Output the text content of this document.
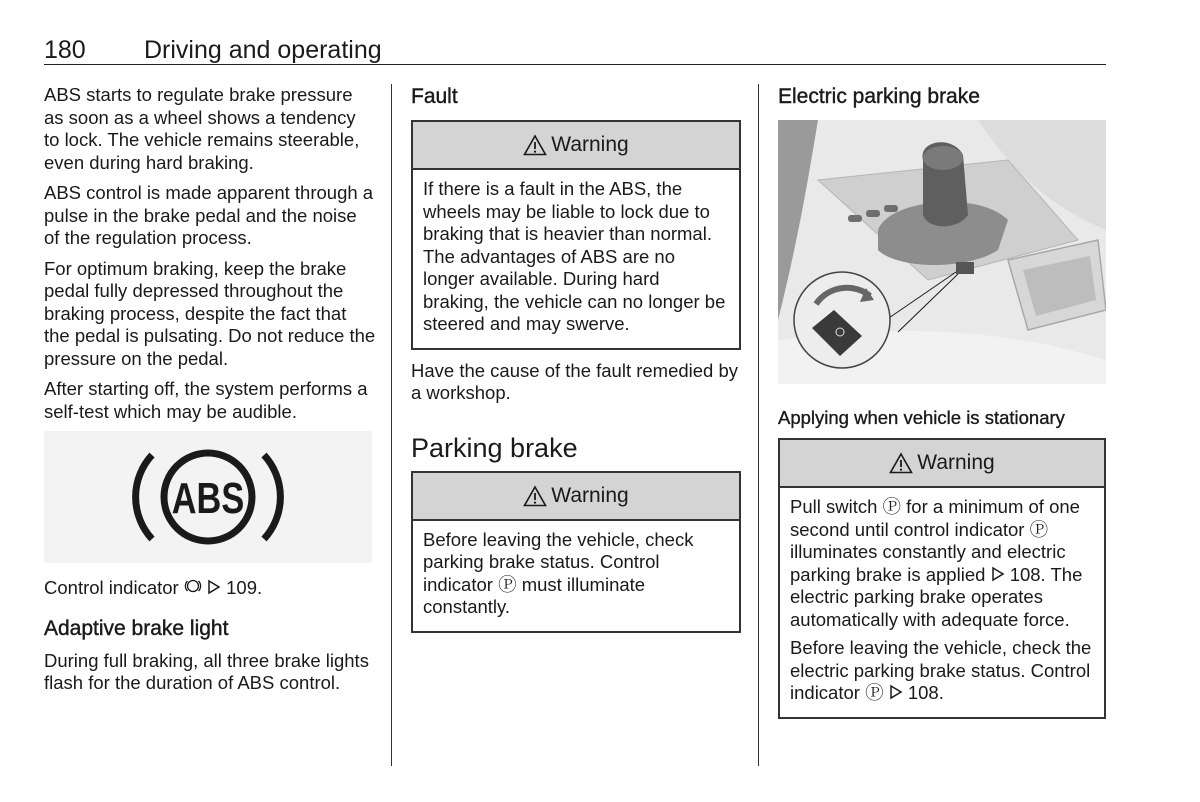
180 Driving and operating

ABS starts to regulate brake pressure as soon as a wheel shows a tendency to lock. The vehicle remains steerable, even during hard braking.

ABS control is made apparent through a pulse in the brake pedal and the noise of the regulation process.

For optimum braking, keep the brake pedal fully depressed throughout the braking process, despite the fact that the pedal is pulsating. Do not reduce the pressure on the pedal.

After starting off, the system performs a self-test which may be audible.

ABS

Control indicator	109.

Adaptive brake light

During full braking, all three brake lights flash for the duration of ABS control.

Fault
Warning

If there is a fault in the ABS, the wheels may be liable to lock due to braking that is heavier than normal. The advantages of ABS are no longer available. During hard braking, the vehicle can no longer be steered and may swerve.

Have the cause of the fault remedied by a workshop.

Parking brake
Warning

Before leaving the vehicle, check parking brake status. Control indicator Ⓟ must illuminate constantly.

Electric parking brake
Applying when vehicle is stationary
Warning

Pull switch Ⓟ for a minimum of one second until control indicator Ⓟ illuminates constantly and electric parking brake is applied 108. The electric parking brake operates automatically with adequate force.

Before leaving the vehicle, check the electric parking brake status. Control indicator Ⓟ 108.
